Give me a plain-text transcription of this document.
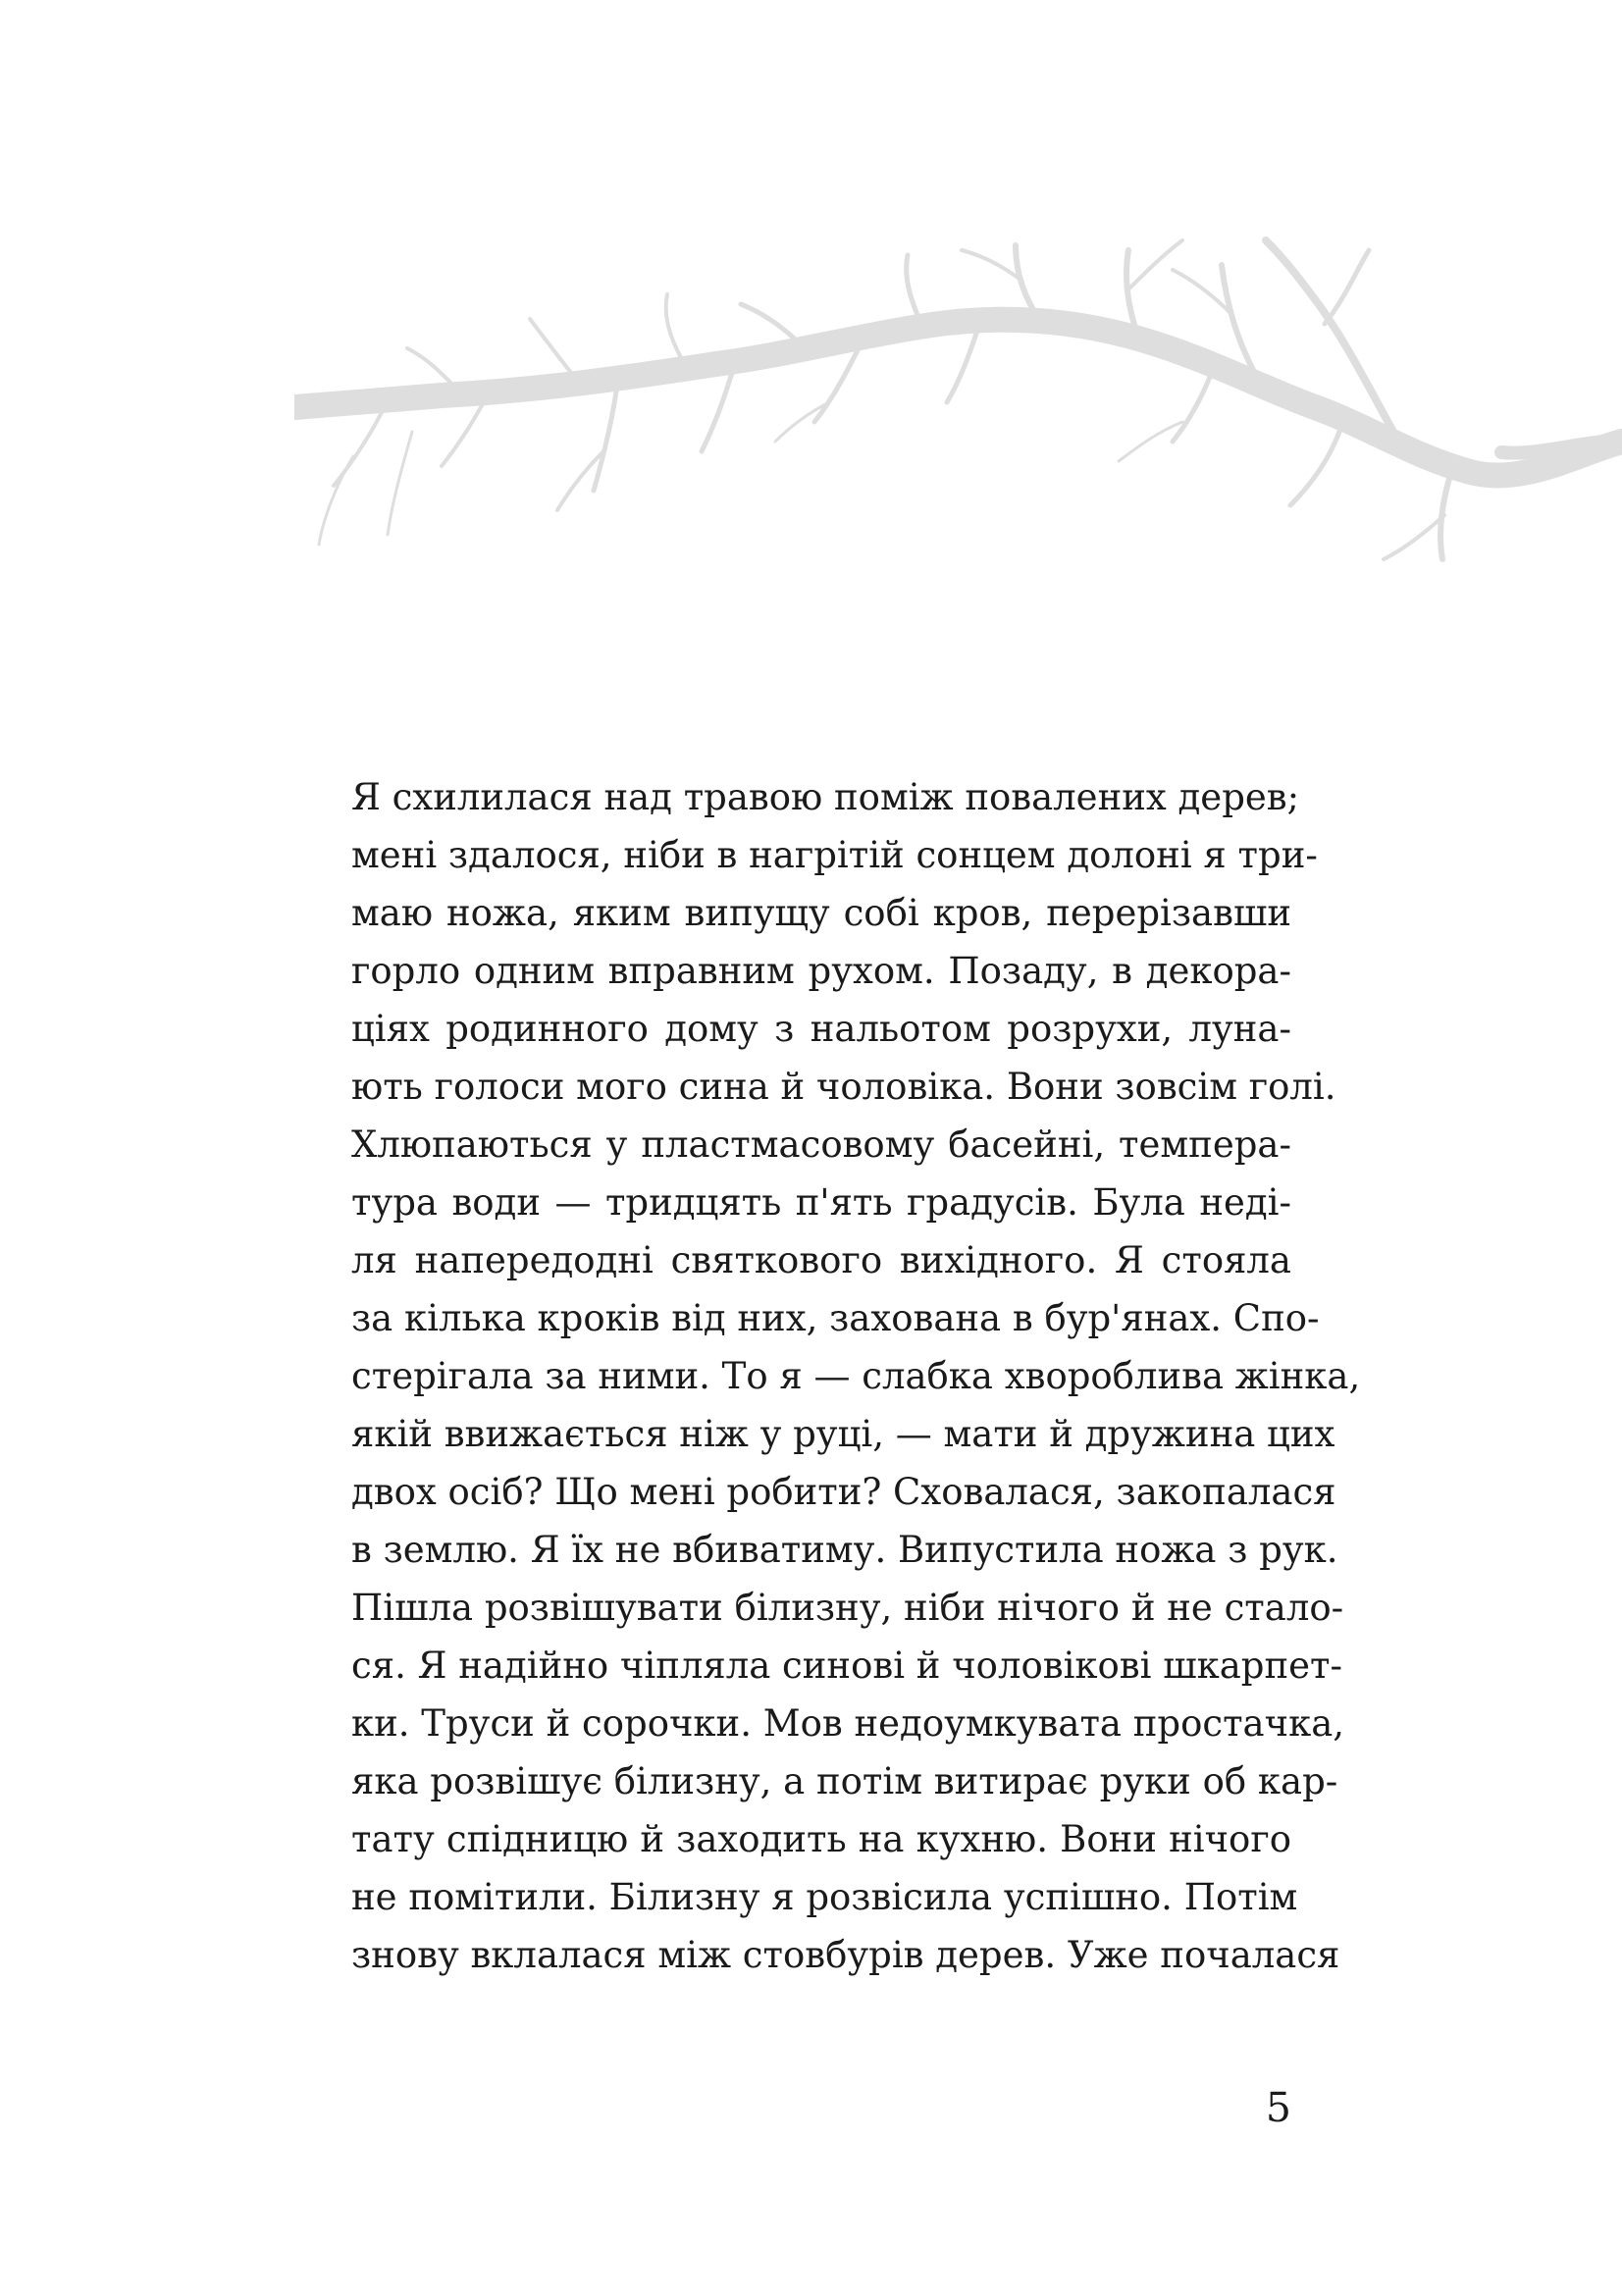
Я схилилася над травою поміж повалених дерев;
мені здалося, ніби в нагрітій сонцем долоні я три-
маю ножа, яким випущу собі кров, перерізавши
горло одним вправним рухом. Позаду, в декора-
ціях родинного дому з нальотом розрухи, луна-
ють голоси мого сина й чоловіка. Вони зовсім голі.
Хлюпаються у пластмасовому басейні, темпера-
тура води — тридцять п'ять градусів. Була неді-
ля напередодні святкового вихідного. Я стояла
за кілька кроків від них, захована в бур'янах. Спо-
стерігала за ними. То я — слабка хвороблива жінка,
якій ввижається ніж у руці, — мати й дружина цих
двох осіб? Що мені робити? Сховалася, закопалася
в землю. Я їх не вбиватиму. Випустила ножа з рук.
Пішла розвішувати білизну, ніби нічого й не стало-
ся. Я надійно чіпляла синові й чоловікові шкарпет-
ки. Труси й сорочки. Мов недоумкувата простачка,
яка розвішує білизну, а потім витирає руки об кар-
тату спідницю й заходить на кухню. Вони нічого
не помітили. Білизну я розвісила успішно. Потім
знову вклалася між стовбурів дерев. Уже почалася
5
